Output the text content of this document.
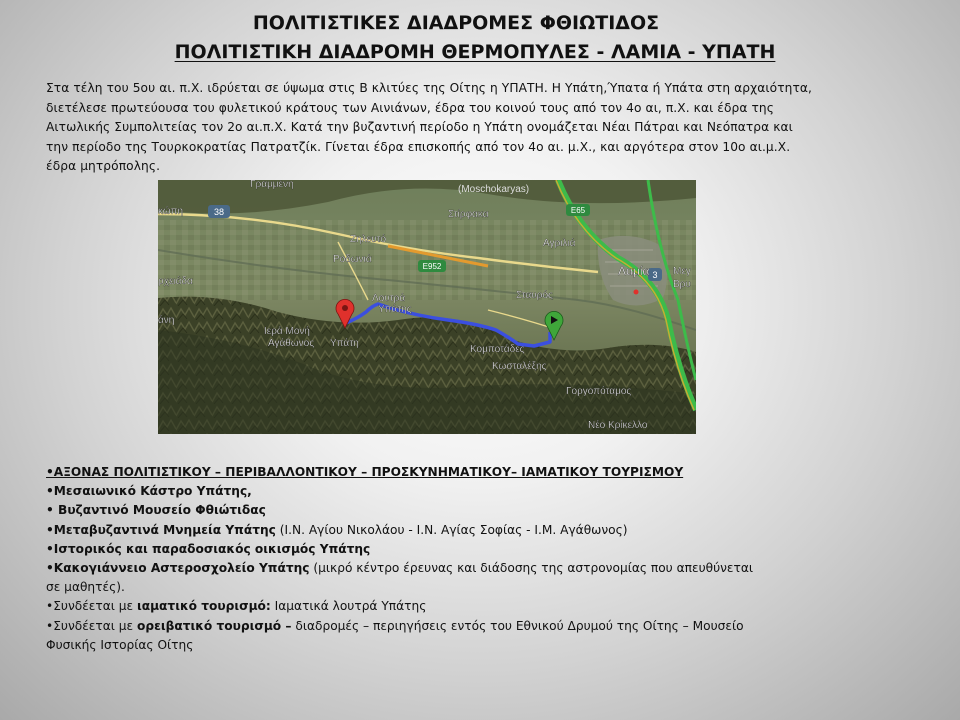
ΠΟΛΙΤΙΣΤΙΚΕΣ ΔΙΑΔΡΟΜΕΣ ΦΘΙΩΤΙΔΟΣ
ΠΟΛΙΤΙΣΤΙΚΗ ΔΙΑΔΡΟΜΗ ΘΕΡΜΟΠΥΛΕΣ - ΛΑΜΙΑ - ΥΠΑΤΗ

Στα τέλη του 5ου αι. π.Χ. ιδρύεται σε ύψωμα στις Β κλιτύες της Οίτης η ΥΠΑΤΗ. Η Υπάτη,Ύπατα ή Υπάτα στη αρχαιότητα,
διετέλεσε πρωτεύουσα του φυλετικού κράτους των Αινιάνων, έδρα του κοινού τους από τον 4ο αι, π.Χ. και έδρα της
Αιτωλικής Συμπολιτείας τον 2ο αι.π.Χ. Κατά την βυζαντινή περίοδο η Υπάτη ονομάζεται Νέαι Πάτραι και Νεόπατρα και
την περίοδο της Τουρκοκρατίας Πατρατζίκ. Γίνεται έδρα επισκοπής από τον 4ο αι. μ.Χ., και αργότερα στον 10ο αι.μ.Χ.
έδρα μητρόπολης.

38	E65
E952
3
Γραμμένη	(Moschokaryas)
Στίρφακα
κώπη
Ζηλευτό	Αγριλιά
Ροδωνιά
ρχειάδα
Λαμία Μεγ
Βρυ
Σταυρός
άνη
Λουτρά
Υπάτης
Ιερά Μονή
Αγάθωνος Υπάτη
Κομποτάδες
Κωσταλέξης
Γοργοπόταμος
Νέο Κρίκελλο
•ΑΞΟΝΑΣ ΠΟΛΙΤΙΣΤΙΚΟΥ – ΠΕΡΙΒΑΛΛΟΝΤΙΚΟΥ – ΠΡΟΣΚΥΝΗΜΑΤΙΚΟΥ– ΙΑΜΑΤΙΚΟΥ ΤΟΥΡΙΣΜΟΥ
•Μεσαιωνικό Κάστρο Υπάτης,
• Βυζαντινό Μουσείο Φθιώτιδας
•Μεταβυζαντινά Μνημεία Υπάτης (Ι.Ν. Αγίου Νικολάου - Ι.Ν. Αγίας Σοφίας - Ι.Μ. Αγάθωνος)
•Ιστορικός και παραδοσιακός οικισμός Υπάτης
•Κακογιάννειο Αστεροσχολείο Υπάτης (μικρό κέντρο έρευνας και διάδοσης της αστρονομίας που απευθύνεται
σε μαθητές).
•Συνδέεται με ιαματικό τουρισμό: Ιαματικά λουτρά Υπάτης
•Συνδέεται με ορειβατικό τουρισμό – διαδρομές – περιηγήσεις εντός του Εθνικού Δρυμού της Οίτης – Μουσείο
Φυσικής Ιστορίας Οίτης
